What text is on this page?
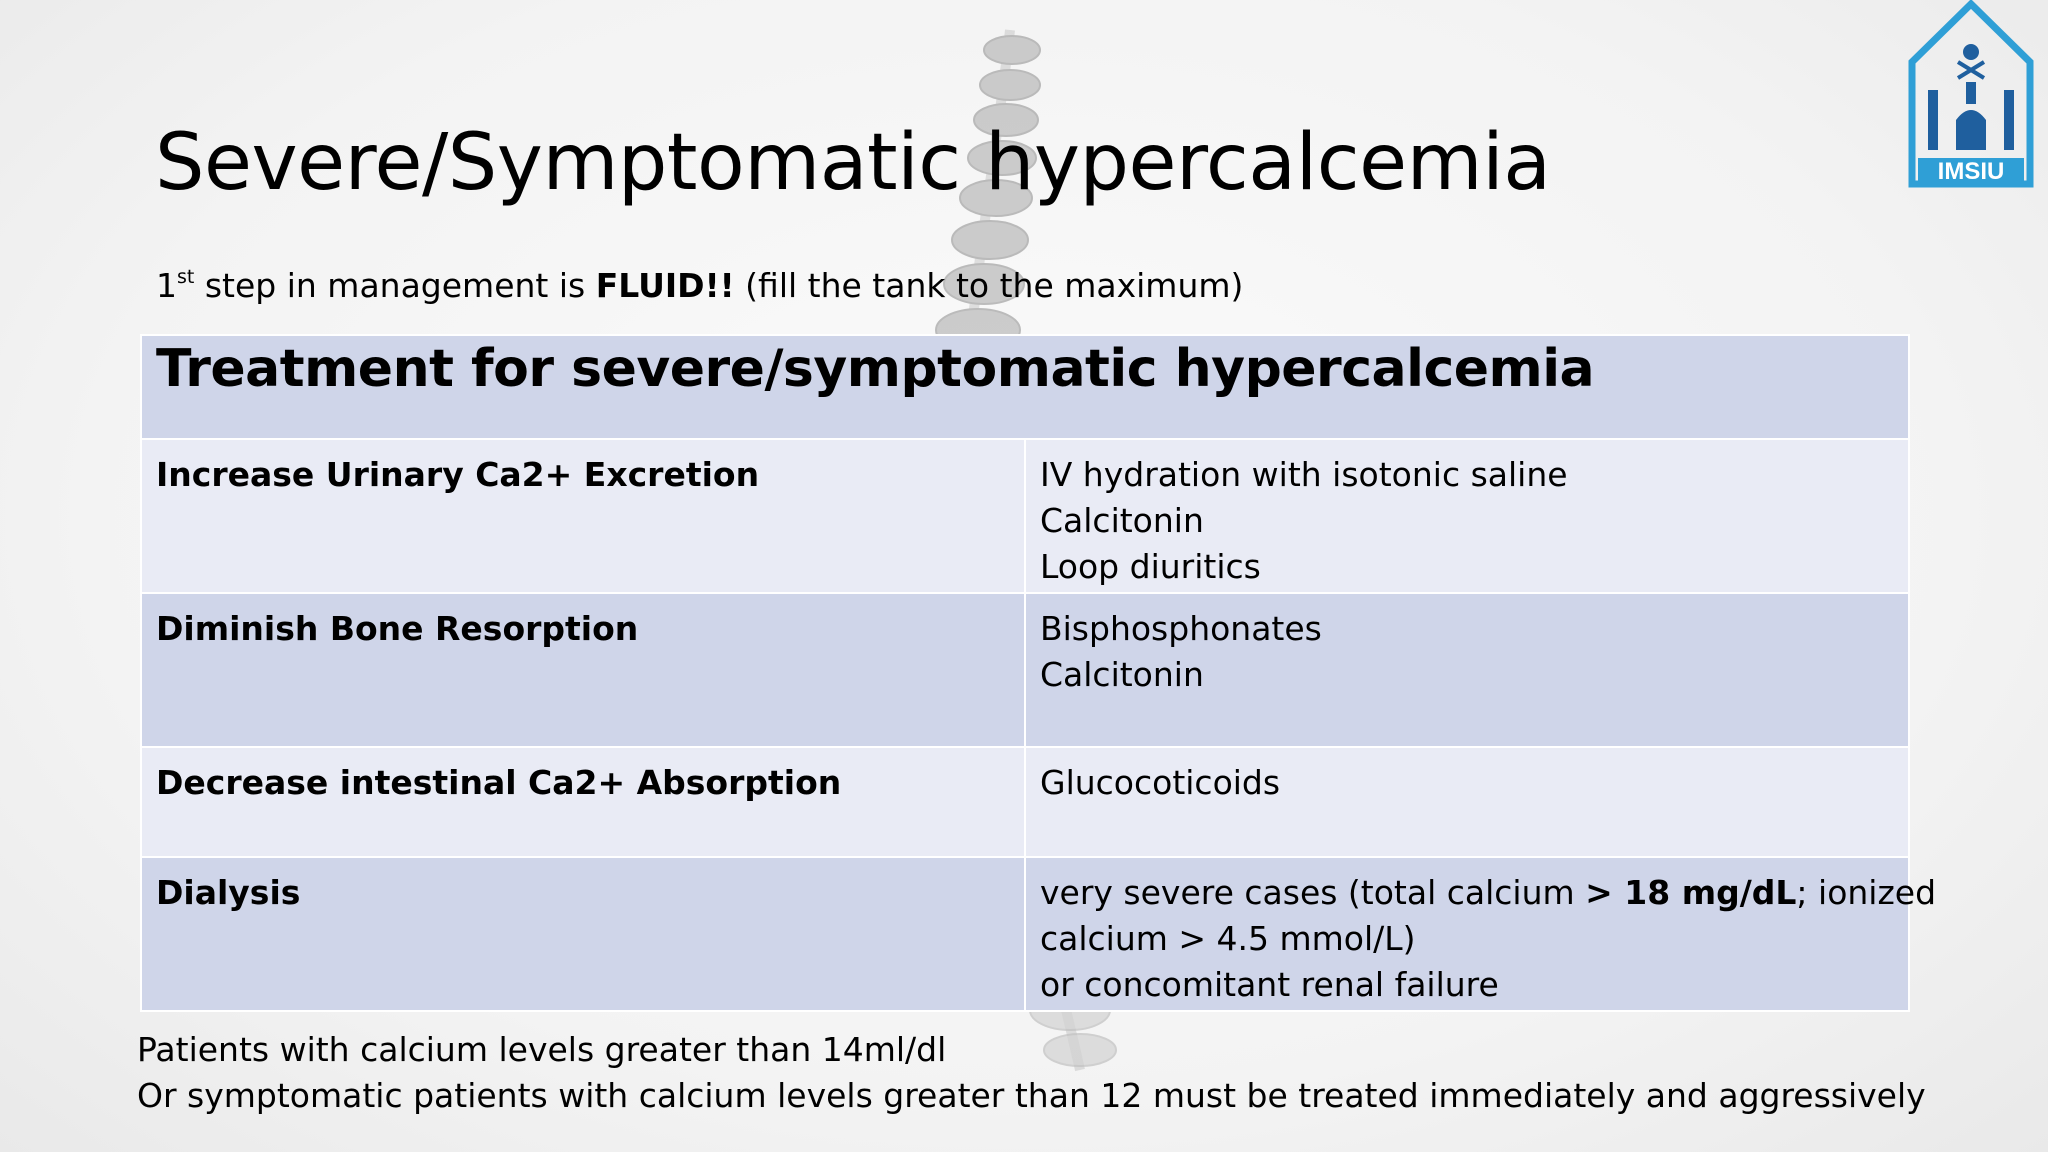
IMSIU
Severe/Symptomatic hypercalcemia
1st step in management is FLUID!! (fill the tank to the maximum)
Treatment for severe/symptomatic hypercalcemia	
Increase Urinary Ca2+ Excretion	IV hydration with isotonic saline
Calcitonin
Loop diuritics

Diminish Bone Resorption	Bisphosphonates
Calcitonin

Decrease intestinal Ca2+ Absorption	Glucocoticoids

Dialysis	very severe cases (total calcium > 18 mg/dL; ionized
calcium > 4.5 mmol/L)
or concomitant renal failure
Patients with calcium levels greater than 14ml/dl
Or symptomatic patients with calcium levels greater than 12 must be treated immediately and aggressively
